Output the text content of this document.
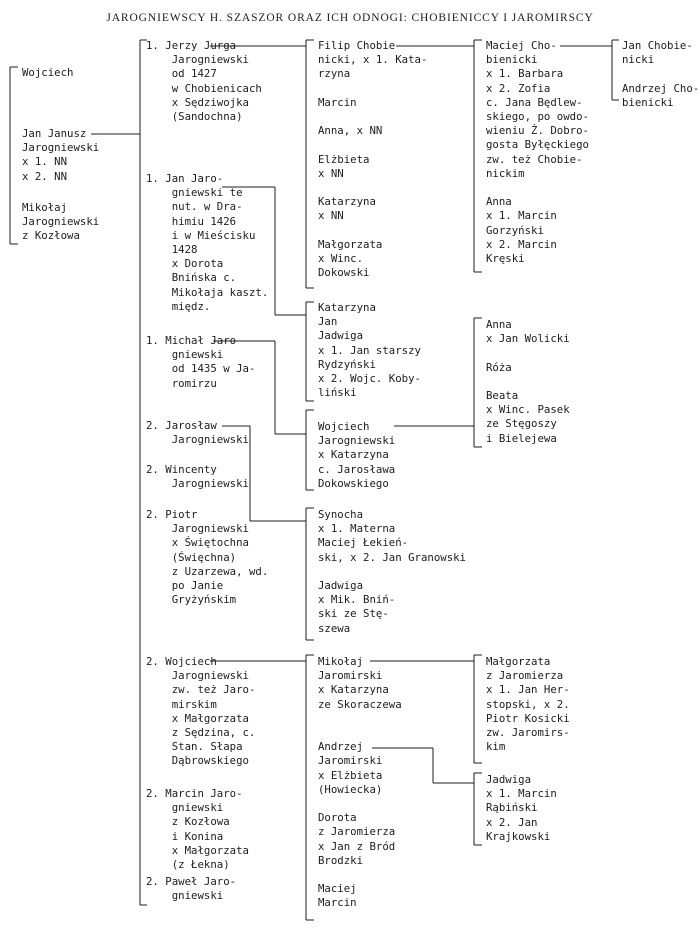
JAROGNIEWSCY H. SZASZOR ORAZ ICH ODNOGI: CHOBIENICCY I JAROMIRSCY
Wojciech
Jan Janusz
Jarogniewski
x 1. NN
x 2. NN
Mikołaj
Jarogniewski
z Kozłowa
1. Jerzy Jurga
Jarogniewski
od 1427
w Chobienicach
x Sędziwojka
(Sandochna)
1. Jan Jaro-
gniewski te
nut. w Dra-
himiu 1426
i w Mieścisku
1428
x Dorota
Bnińska c.
Mikołaja kaszt.
międz.
1. Michał Jaro-
gniewski
od 1435 w Ja-
romirzu
2. Jarosław
Jarogniewski
2. Wincenty
Jarogniewski
2. Piotr
Jarogniewski
x Świętochna
(Święchna)
z Uzarzewa, wd.
po Janie
Gryżyńskim
2. Wojciech
Jarogniewski
zw. też Jaro-
mirskim
x Małgorzata
z Sędzina, c.
Stan. Słapa
Dąbrowskiego
2. Marcin Jaro-
gniewski
z Kozłowa
i Konina
x Małgorzata
(z Łekna)
2. Paweł Jaro-
gniewski
Filip Chobie-
nicki, x 1. Kata-
rzyna

Marcin

Anna, x NN

Elżbieta
x NN

Katarzyna
x NN

Małgorzata
x Winc.
Dokowski
Katarzyna
Jan
Jadwiga
x 1. Jan starszy
Rydzyński
x 2. Wojc. Koby-
liński
Wojciech
Jarogniewski
x Katarzyna
c. Jarosława
Dokowskiego
Synocha
x 1. Materna
Maciej Łekień-
ski, x 2. Jan Granowski

Jadwiga
x Mik. Bniń-
ski ze Stę-
szewa
Mikołaj
Jaromirski
x Katarzyna
ze Skoraczewa

Andrzej
Jaromirski
x Elżbieta
(Howiecka)

Dorota
z Jaromierza
x Jan z Bród
Brodzki

Maciej
Marcin
Maciej Cho-
bienicki
x 1. Barbara
x 2. Zofia
c. Jana Będlew-
skiego, po owdo-
wieniu Ż. Dobro-
gosta Byłęckiego
zw. też Chobie-
nickim

Anna
x 1. Marcin
Gorzyński
x 2. Marcin
Kręski
Anna
x Jan Wolicki

Róża

Beata
x Winc. Pasek
ze Stęgoszy
i Bielejewa
Małgorzata
z Jaromierza
x 1. Jan Her-
stopski, x 2.
Piotr Kosicki
zw. Jaromirs-
kim
Jadwiga
x 1. Marcin
Rąbiński
x 2. Jan
Krajkowski
Jan Chobie-
nicki

Andrzej Cho-
bienicki
